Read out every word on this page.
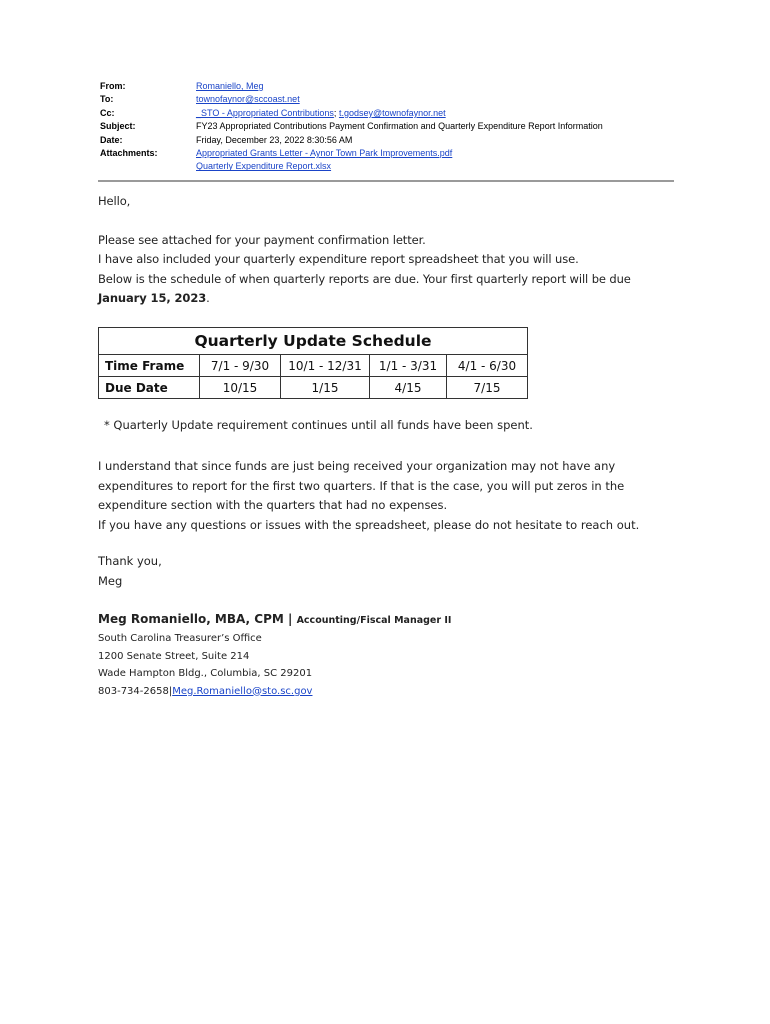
From:	Romaniello, Meg
To:	townofaynor@sccoast.net
Cc:	_STO - Appropriated Contributions; t.godsey@townofaynor.net
Subject:	FY23 Appropriated Contributions Payment Confirmation and Quarterly Expenditure Report Information
Date:	Friday, December 23, 2022 8:30:56 AM
Attachments:	Appropriated Grants Letter - Aynor Town Park Improvements.pdf
Quarterly Expenditure Report.xlsx

Hello,

Please see attached for your payment confirmation letter.

I have also included your quarterly expenditure report spreadsheet that you will use.

Below is the schedule of when quarterly reports are due. Your first quarterly report will be due

January 15, 2023.

Quarterly Update Schedule				
Time Frame	7/1 - 9/30	10/1 - 12/31	1/1 - 3/31	4/1 - 6/30
Due Date	10/15	1/15	4/15	7/15
* Quarterly Update requirement continues until all funds have been spent.

I understand that since funds are just being received your organization may not have any

expenditures to report for the first two quarters. If that is the case, you will put zeros in the

expenditure section with the quarters that had no expenses.

If you have any questions or issues with the spreadsheet, please do not hesitate to reach out.

Thank you,

Meg

Meg Romaniello, MBA, CPM | Accounting/Fiscal Manager II
South Carolina Treasurer’s Office
1200 Senate Street, Suite 214
Wade Hampton Bldg., Columbia, SC 29201
803-734-2658|Meg.Romaniello@sto.sc.gov
